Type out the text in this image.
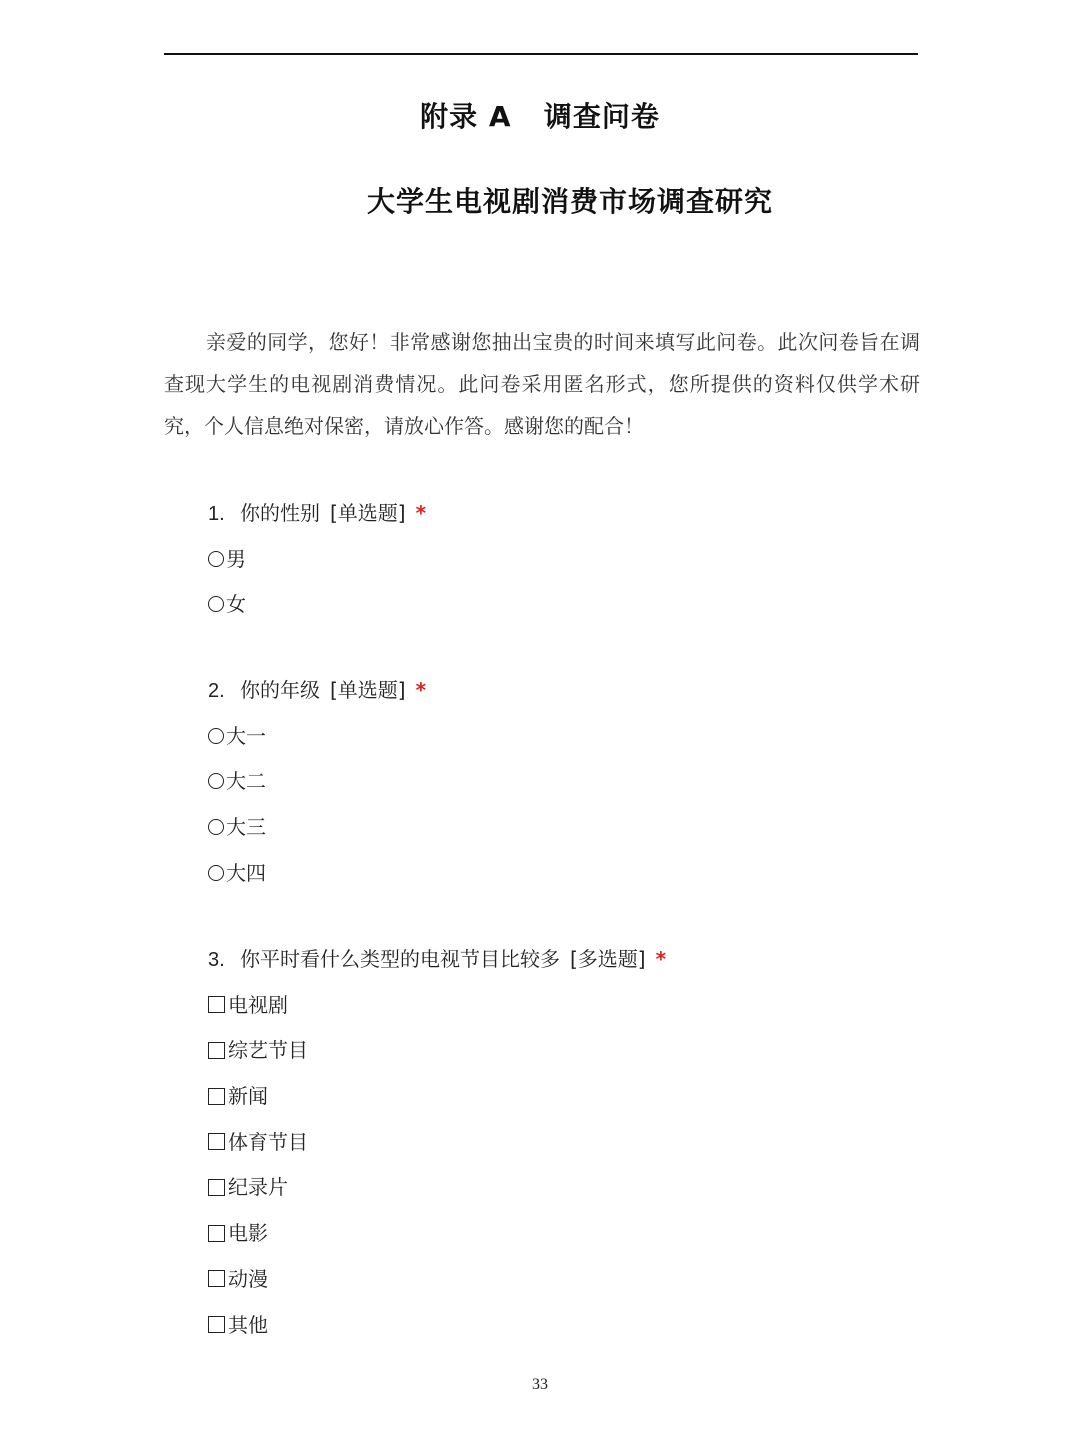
附录 A   调查问卷
大学生电视剧消费市场调查研究
亲爱的同学，您好！非常感谢您抽出宝贵的时间来填写此问卷。此次问卷旨在调查现大学生的电视剧消费情况。此问卷采用匿名形式，您所提供的资料仅供学术研究，个人信息绝对保密，请放心作答。感谢您的配合！
1. 你的性别 [单选题] *
男
女
2. 你的年级 [单选题] *
大一
大二
大三
大四
3. 你平时看什么类型的电视节目比较多 [多选题] *
电视剧
综艺节目
新闻
体育节目
纪录片
电影
动漫
其他
33
